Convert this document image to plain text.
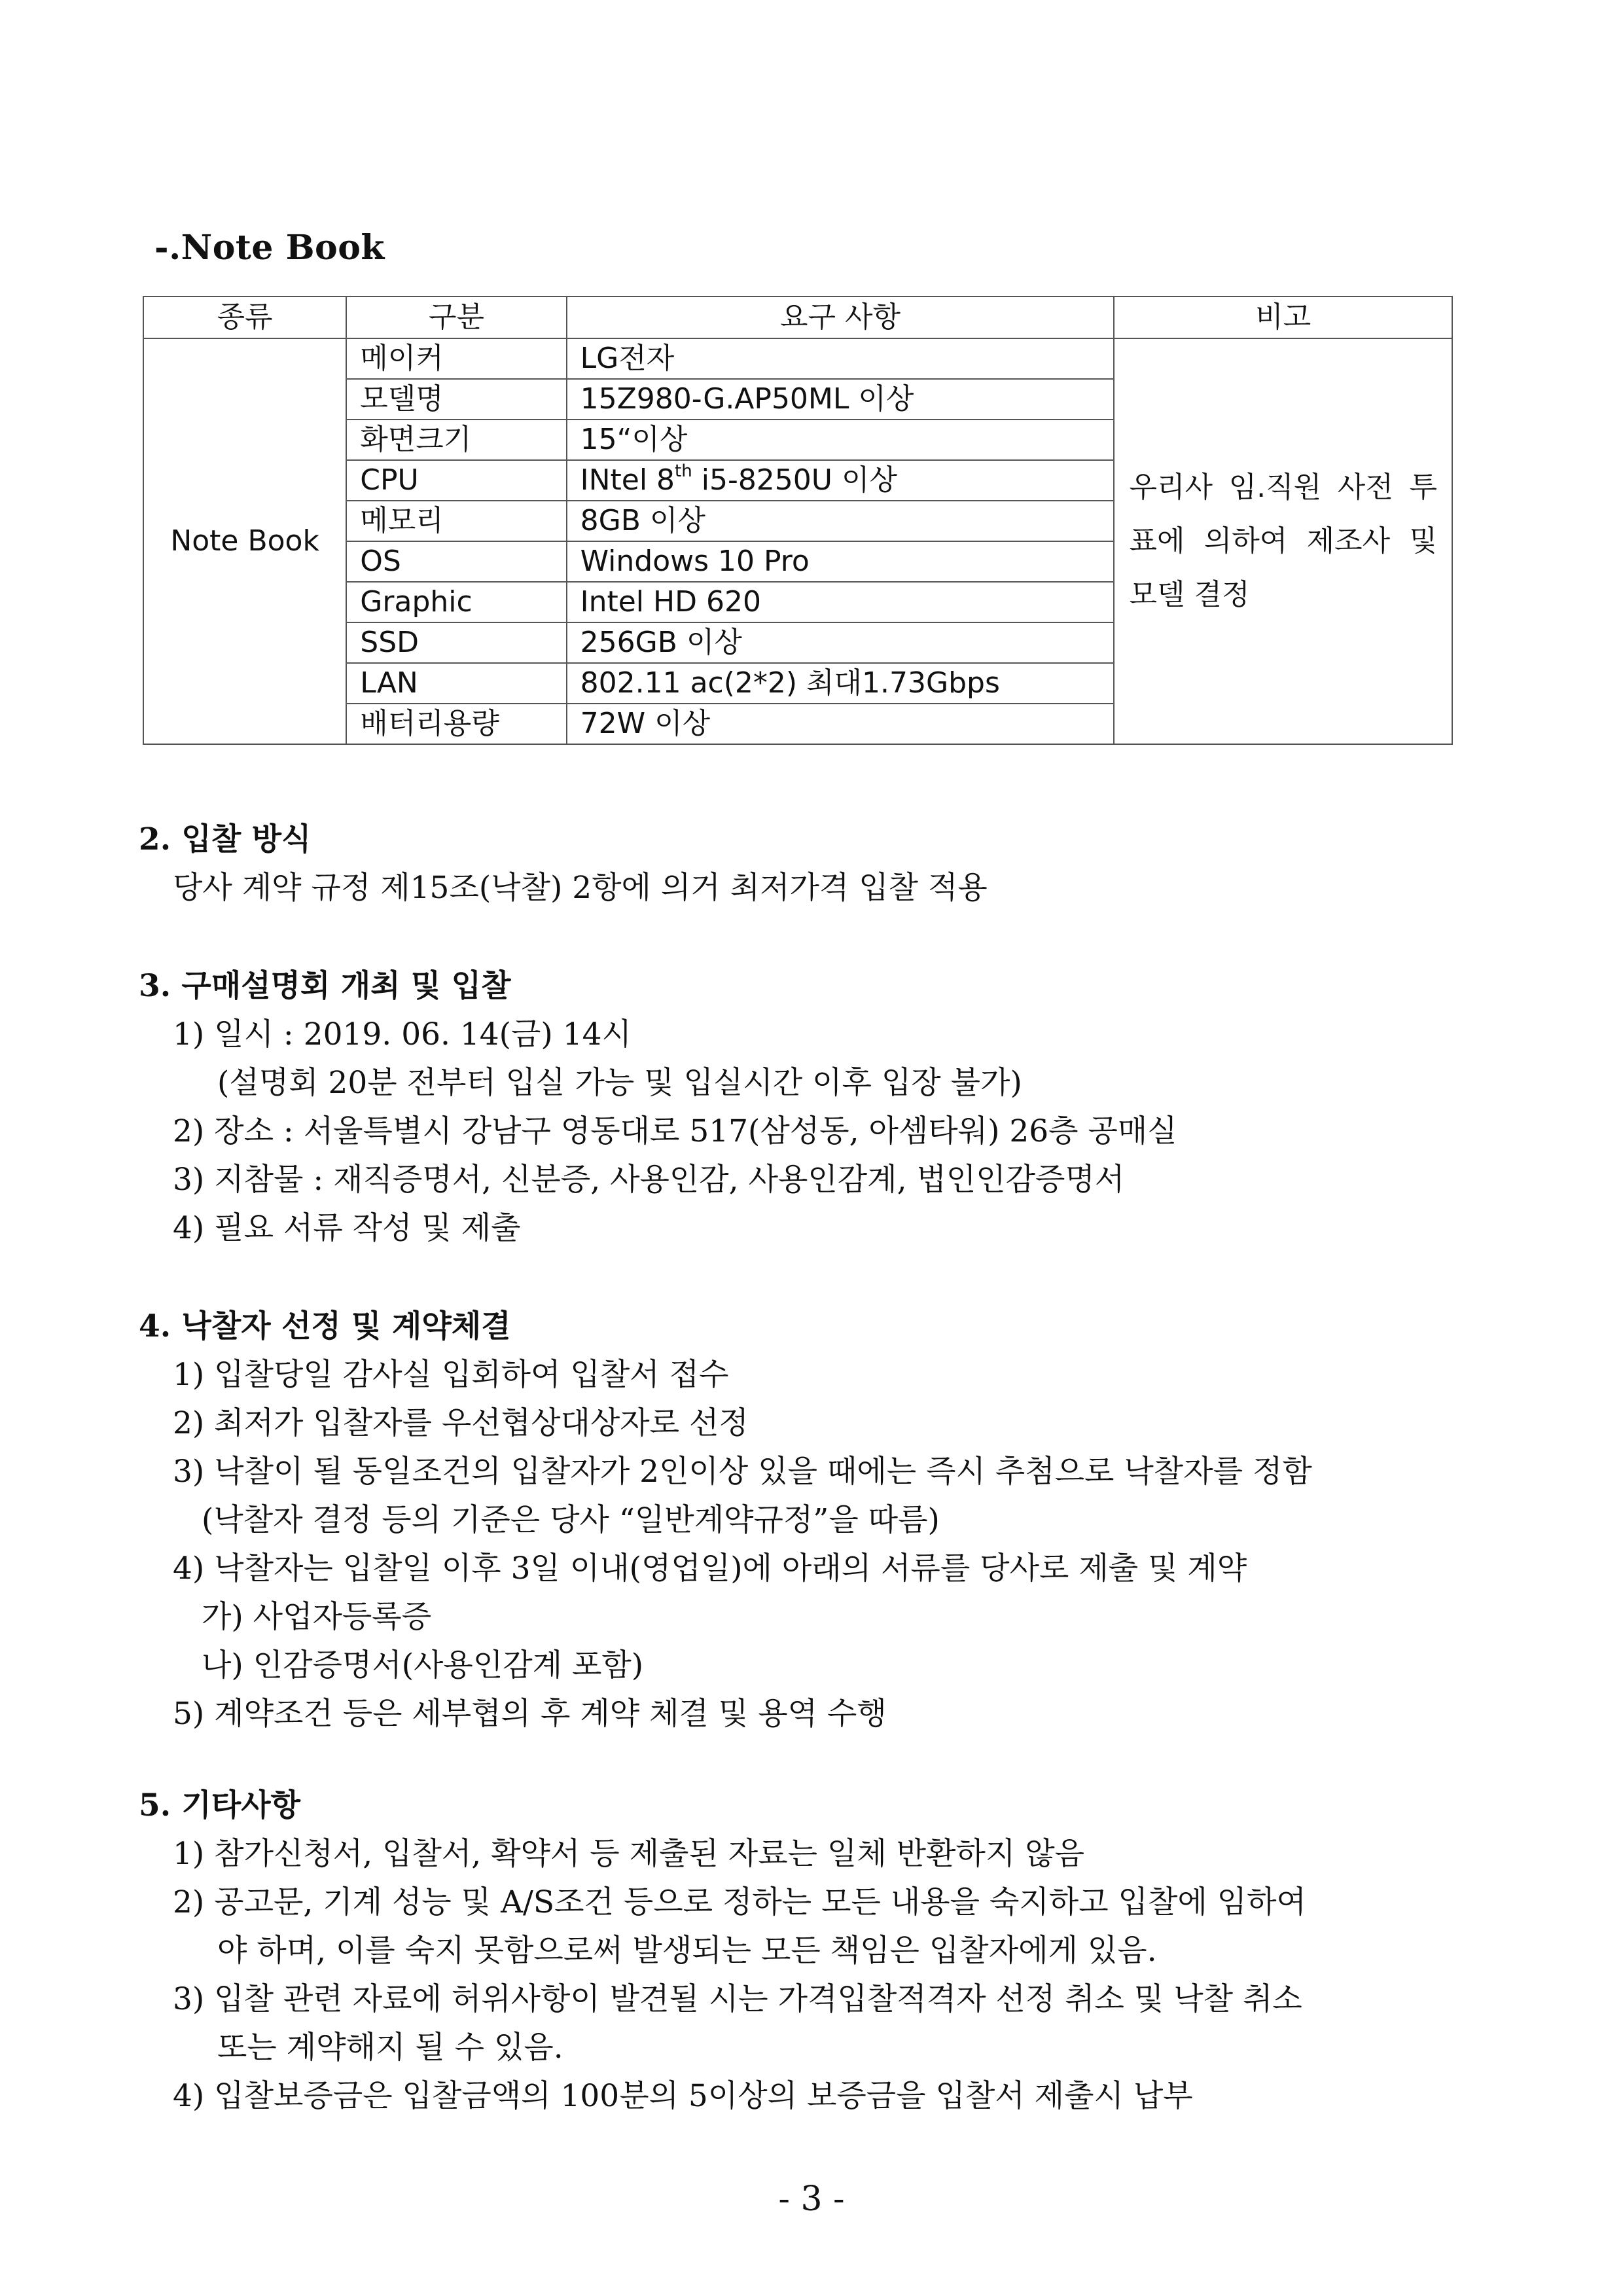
-.Note Book
종류	구분	요구 사항	비고
Note Book	메이커	LG전자	우리사 임.직원 사전 투표에 의하여 제조사 및 모델 결정
	모델명	15Z980-G.AP50ML 이상	
	화면크기	15“이상	
	CPU	INtel 8th i5-8250U 이상	
	메모리	8GB 이상	
	OS	Windows 10 Pro	
	Graphic	Intel HD 620	
	SSD	256GB 이상	
	LAN	802.11 ac(2*2) 최대1.73Gbps	
	배터리용량	72W 이상	
2. 입찰 방식
당사 계약 규정 제15조(낙찰) 2항에 의거 최저가격 입찰 적용
3. 구매설명회 개최 및 입찰
1) 일시 : 2019. 06. 14(금) 14시
(설명회 20분 전부터 입실 가능 및 입실시간 이후 입장 불가)
2) 장소 : 서울특별시 강남구 영동대로 517(삼성동, 아셈타워) 26층 공매실
3) 지참물 : 재직증명서, 신분증, 사용인감, 사용인감계, 법인인감증명서
4) 필요 서류 작성 및 제출
4. 낙찰자 선정 및 계약체결
1) 입찰당일 감사실 입회하여 입찰서 접수
2) 최저가 입찰자를 우선협상대상자로 선정
3) 낙찰이 될 동일조건의 입찰자가 2인이상 있을 때에는 즉시 추첨으로 낙찰자를 정함
(낙찰자 결정 등의 기준은 당사 “일반계약규정”을 따름)
4) 낙찰자는 입찰일 이후 3일 이내(영업일)에 아래의 서류를 당사로 제출 및 계약
가) 사업자등록증
나) 인감증명서(사용인감계 포함)
5) 계약조건 등은 세부협의 후 계약 체결 및 용역 수행
5. 기타사항
1) 참가신청서, 입찰서, 확약서 등 제출된 자료는 일체 반환하지 않음
2) 공고문, 기계 성능 및 A/S조건 등으로 정하는 모든 내용을 숙지하고 입찰에 임하여
야 하며, 이를 숙지 못함으로써 발생되는 모든 책임은 입찰자에게 있음.
3) 입찰 관련 자료에 허위사항이 발견될 시는 가격입찰적격자 선정 취소 및 낙찰 취소
또는 계약해지 될 수 있음.
4) 입찰보증금은 입찰금액의 100분의 5이상의 보증금을 입찰서 제출시 납부
- 3 -
